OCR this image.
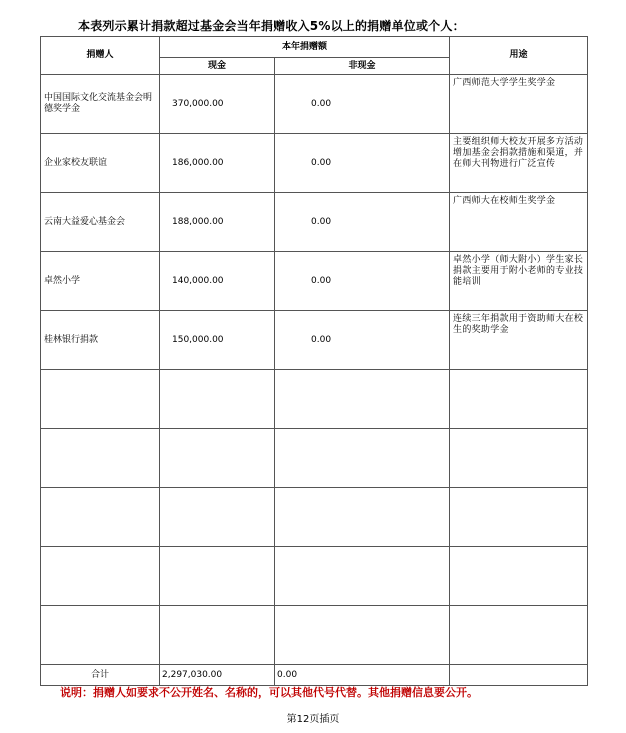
本表列示累计捐款超过基金会当年捐赠收入5%以上的捐赠单位或个人：
捐赠人	本年捐赠额		用途
	现金	非现金	
中国国际文化交流基金会明德奖学金	370,000.00	0.00	广西师范大学学生奖学金
企业家校友联谊	186,000.00	0.00	主要组织师大校友开展多方活动增加基金会捐款措施和渠道，并在师大刊物进行广泛宣传
云南大益爱心基金会	188,000.00	0.00	广西师大在校师生奖学金
卓然小学	140,000.00	0.00	卓然小学（师大附小）学生家长捐款主要用于附小老师的专业技能培训
桂林银行捐款	150,000.00	0.00	连续三年捐款用于资助师大在校生的奖助学金

合计	2,297,030.00	0.00	
说明：捐赠人如要求不公开姓名、名称的，可以其他代号代替。其他捐赠信息要公开。
第12页插页
